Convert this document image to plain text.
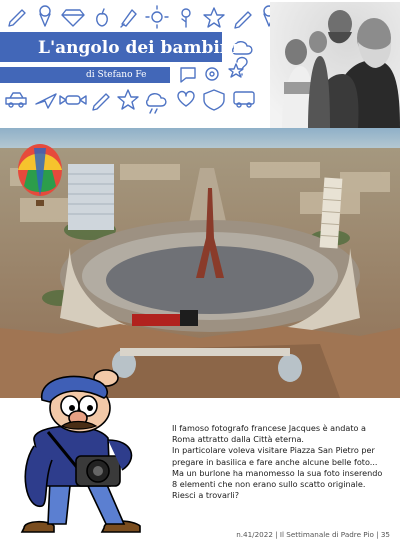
L'angolo dei bambini
di Stefano Fe

Il famoso fotografo francese Jacques è andato a Roma attratto dalla Città eterna.

In particolare voleva visitare Piazza San Pietro per pregare in basilica e fare anche alcune belle foto... Ma un burlone ha manomesso la sua foto inserendo 8 elementi che non erano sullo scatto originale. Riesci a trovarli?

n.41/2022 | Il Settimanale di Padre Pio | 35
